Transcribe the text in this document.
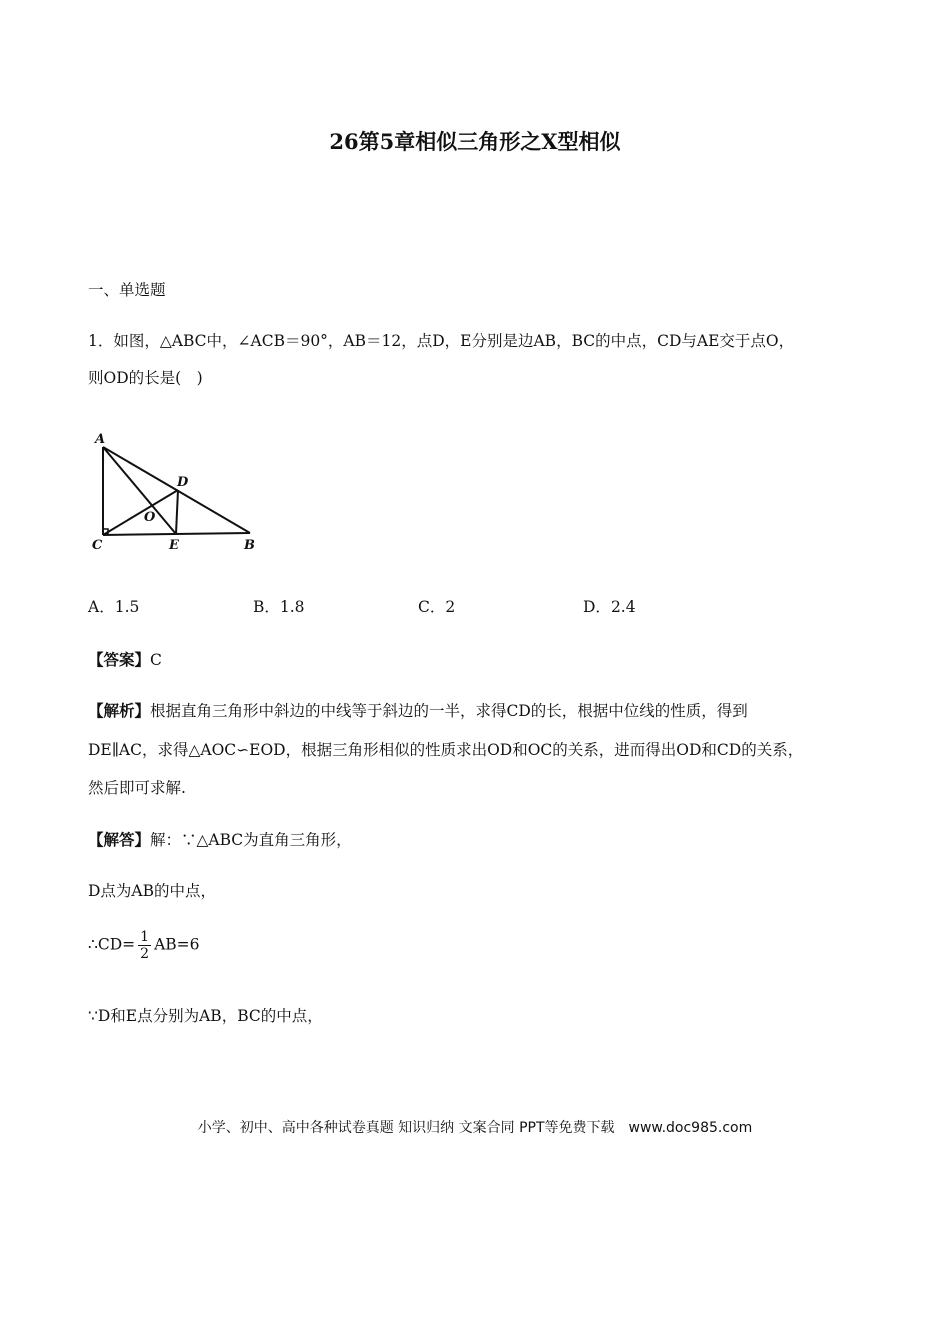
26第5章相似三角形之X型相似
一、单选题
1．如图，△ABC中，∠ACB＝90°，AB＝12，点D，E分别是边AB，BC的中点，CD与AE交于点O，
则OD的长是(　)
A
B
C
D
E
O
A．1.5	B．1.8	C．2	D．2.4
【答案】C
【解析】根据直角三角形中斜边的中线等于斜边的一半，求得CD的长，根据中位线的性质，得到
DE∥AC，求得△AOC∽EOD，根据三角形相似的性质求出OD和OC的关系，进而得出OD和CD的关系，
然后即可求解.
【解答】解：∵△ABC为直角三角形，
D点为AB的中点，
∴CD= $\frac{1}{2} AB=6$
∵D和E点分别为AB，BC的中点，
小学、初中、高中各种试卷真题 知识归纳 文案合同 PPT等免费下载　www.doc985.com
